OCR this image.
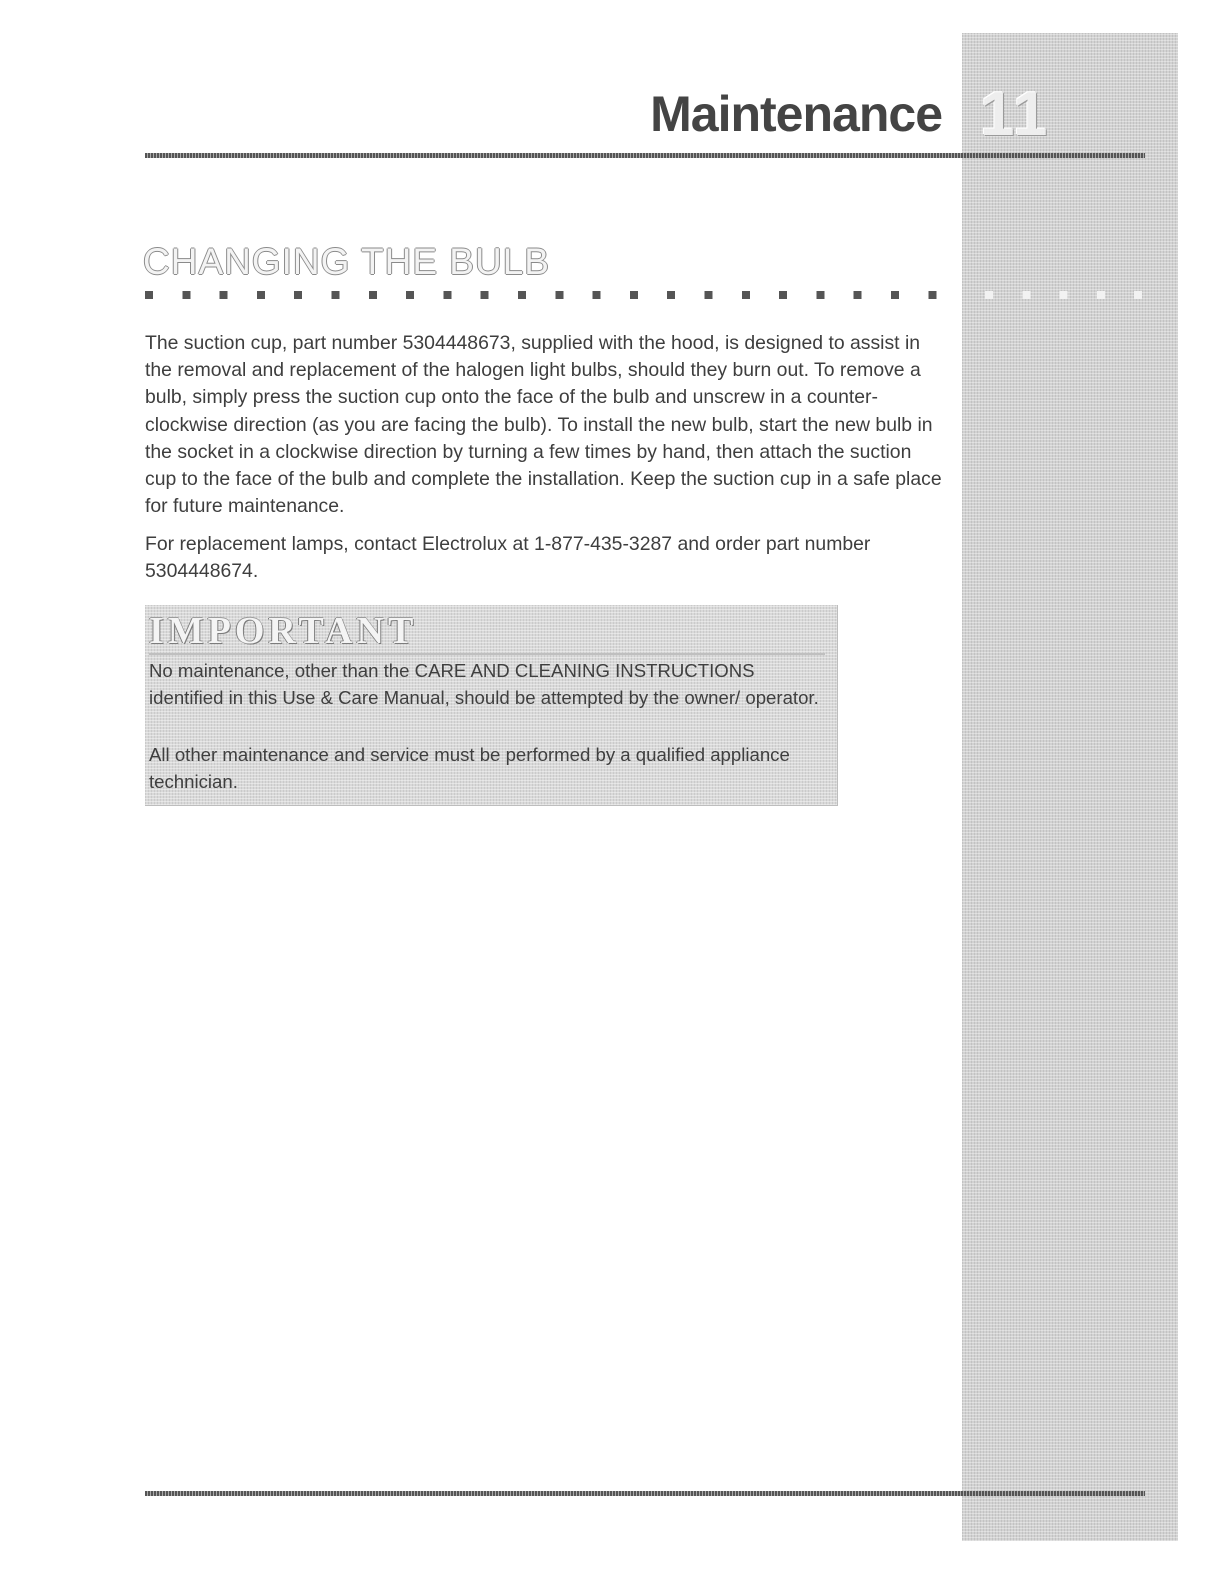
11
Maintenance
CHANGING THE BULB

The suction cup, part number 5304448673, supplied with the hood, is designed to assist in the removal and replacement of the halogen light bulbs, should they burn out. To remove a bulb, simply press the suction cup onto the face of the bulb and unscrew in a counter-clockwise direction (as you are facing the bulb). To install the new bulb, start the new bulb in the socket in a clockwise direction by turning a few times by hand, then attach the suction cup to the face of the bulb and complete the installation. Keep the suction cup in a safe place for future maintenance.

For replacement lamps, contact Electrolux at 1-877-435-3287 and order part number 5304448674.

IMPORTANT

No maintenance, other than the CARE AND CLEANING INSTRUCTIONS identified in this Use & Care Manual, should be attempted by the owner/ operator.

All other maintenance and service must be performed by a qualified appliance technician.
